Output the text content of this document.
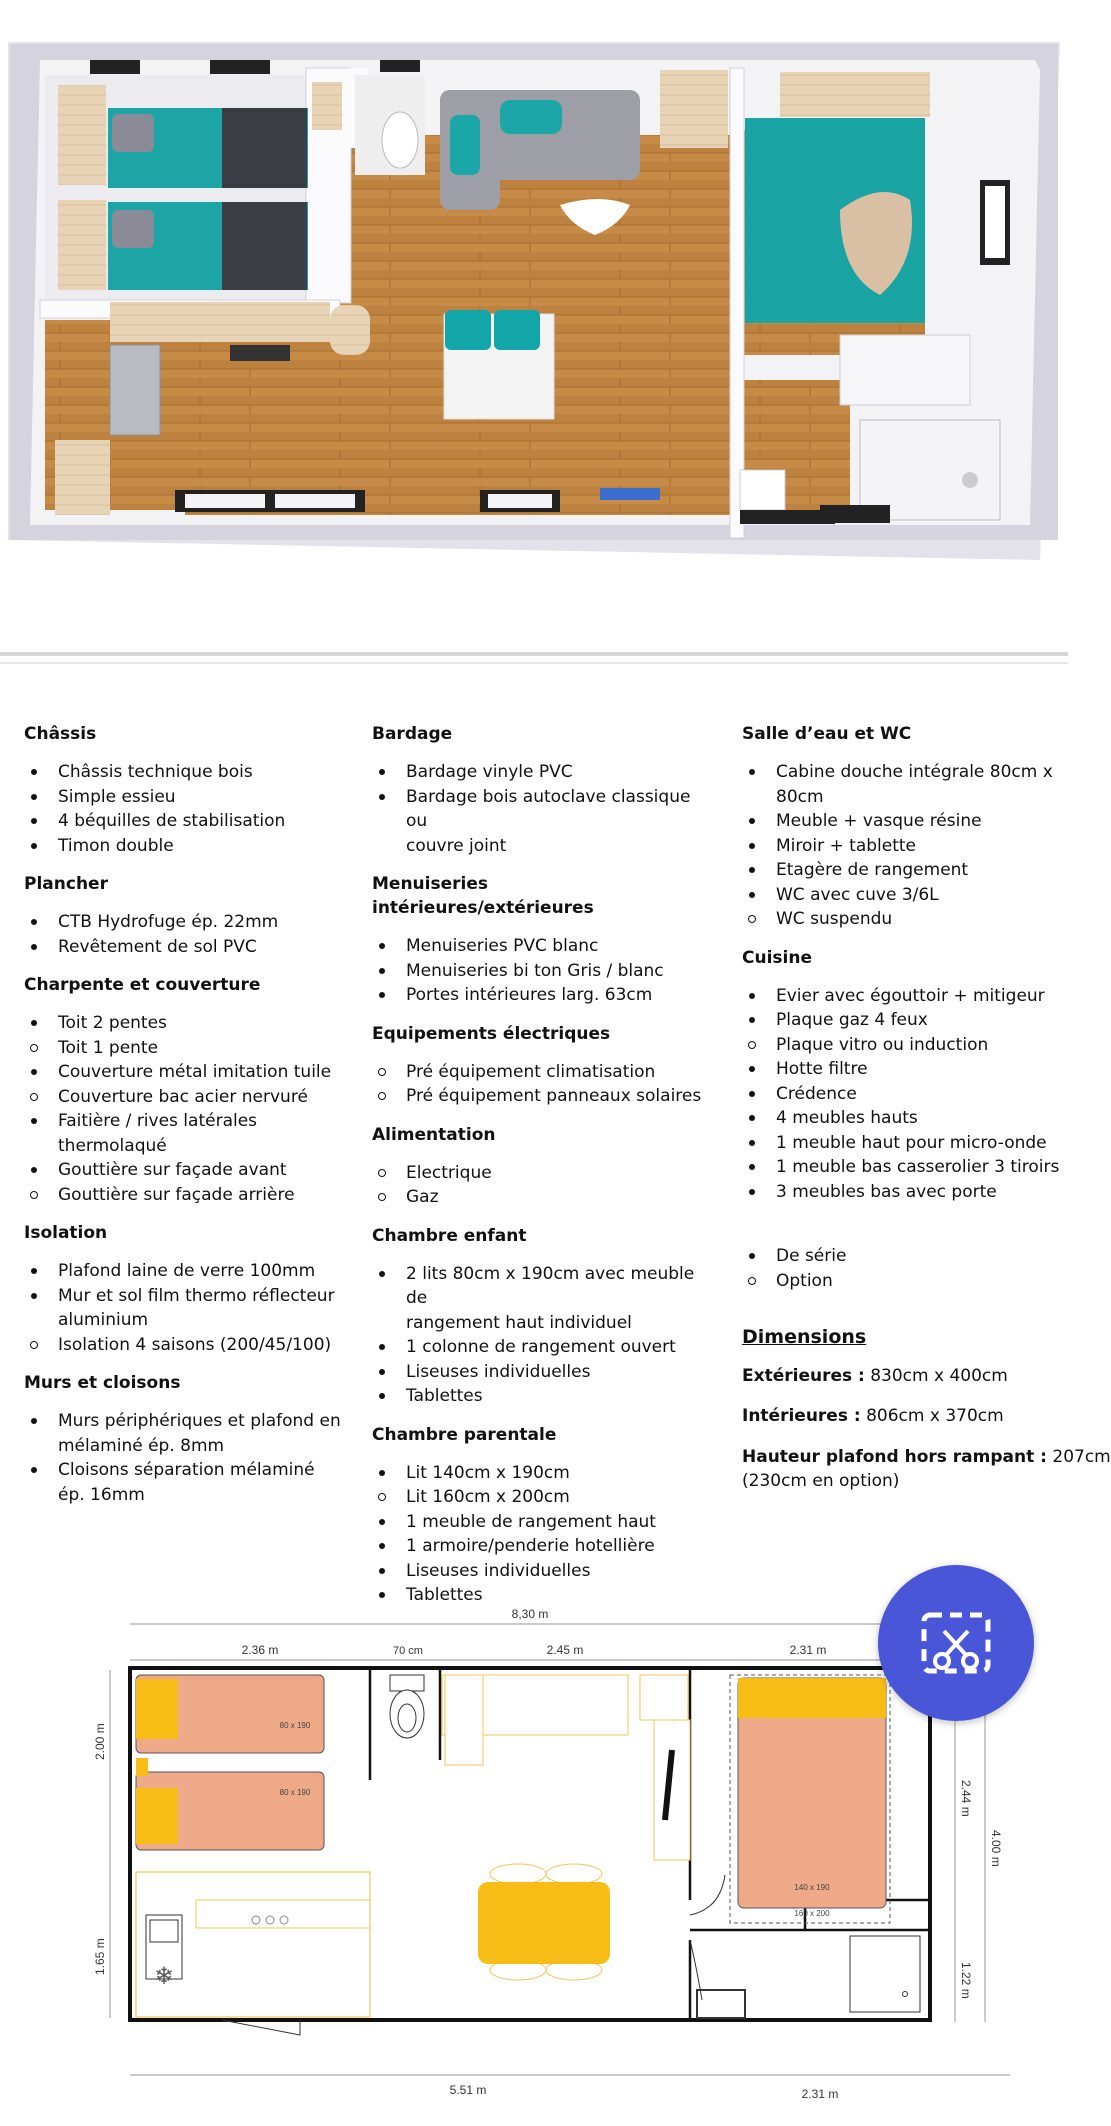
Châssis
Châssis technique bois
Simple essieu
4 béquilles de stabilisation
Timon double
Plancher
CTB Hydrofuge ép. 22mm
Revêtement de sol PVC
Charpente et couverture
Toit 2 pentes
Toit 1 pente
Couverture métal imitation tuile
Couverture bac acier nervuré
Faitière / rives latérales
thermolaqué
Gouttière sur façade avant
Gouttière sur façade arrière
Isolation
Plafond laine de verre 100mm
Mur et sol film thermo réflecteur
aluminium
Isolation 4 saisons (200/45/100)
Murs et cloisons
Murs périphériques et plafond en
mélaminé ép. 8mm
Cloisons séparation mélaminé
ép. 16mm
Bardage
Bardage vinyle PVC
Bardage bois autoclave classique ou
couvre joint
Menuiseries intérieures/extérieures
Menuiseries PVC blanc
Menuiseries bi ton Gris / blanc
Portes intérieures larg. 63cm
Equipements électriques
Pré équipement climatisation
Pré équipement panneaux solaires
Alimentation
Electrique
Gaz
Chambre enfant
2 lits 80cm x 190cm avec meuble de
rangement haut individuel
1 colonne de rangement ouvert
Liseuses individuelles
Tablettes
Chambre parentale
Lit 140cm x 190cm
Lit 160cm x 200cm
1 meuble de rangement haut
1 armoire/penderie hotellière
Liseuses individuelles
Tablettes
Salle d’eau et WC
Cabine douche intégrale 80cm x
80cm
Meuble + vasque résine
Miroir + tablette
Etagère de rangement
WC avec cuve 3/6L
WC suspendu
Cuisine
Evier avec égouttoir + mitigeur
Plaque gaz 4 feux
Plaque vitro ou induction
Hotte filtre
Crédence
4 meubles hauts
1 meuble haut pour micro-onde
1 meuble bas casserolier 3 tiroirs
3 meubles bas avec porte
De série
Option
Dimensions
Extérieures : 830cm x 400cm
Intérieures : 806cm x 370cm
Hauteur plafond hors rampant : 207cm
(230cm en option)
8,30 m
2.36 m	70 cm	2.45 m	2.31 m
5.51 m	2.31 m
2.00 m
1.65 m
2.44 m
1.22 m
4.00 m
80 x 190
80 x 190
❄
140 x 190
160 x 200
